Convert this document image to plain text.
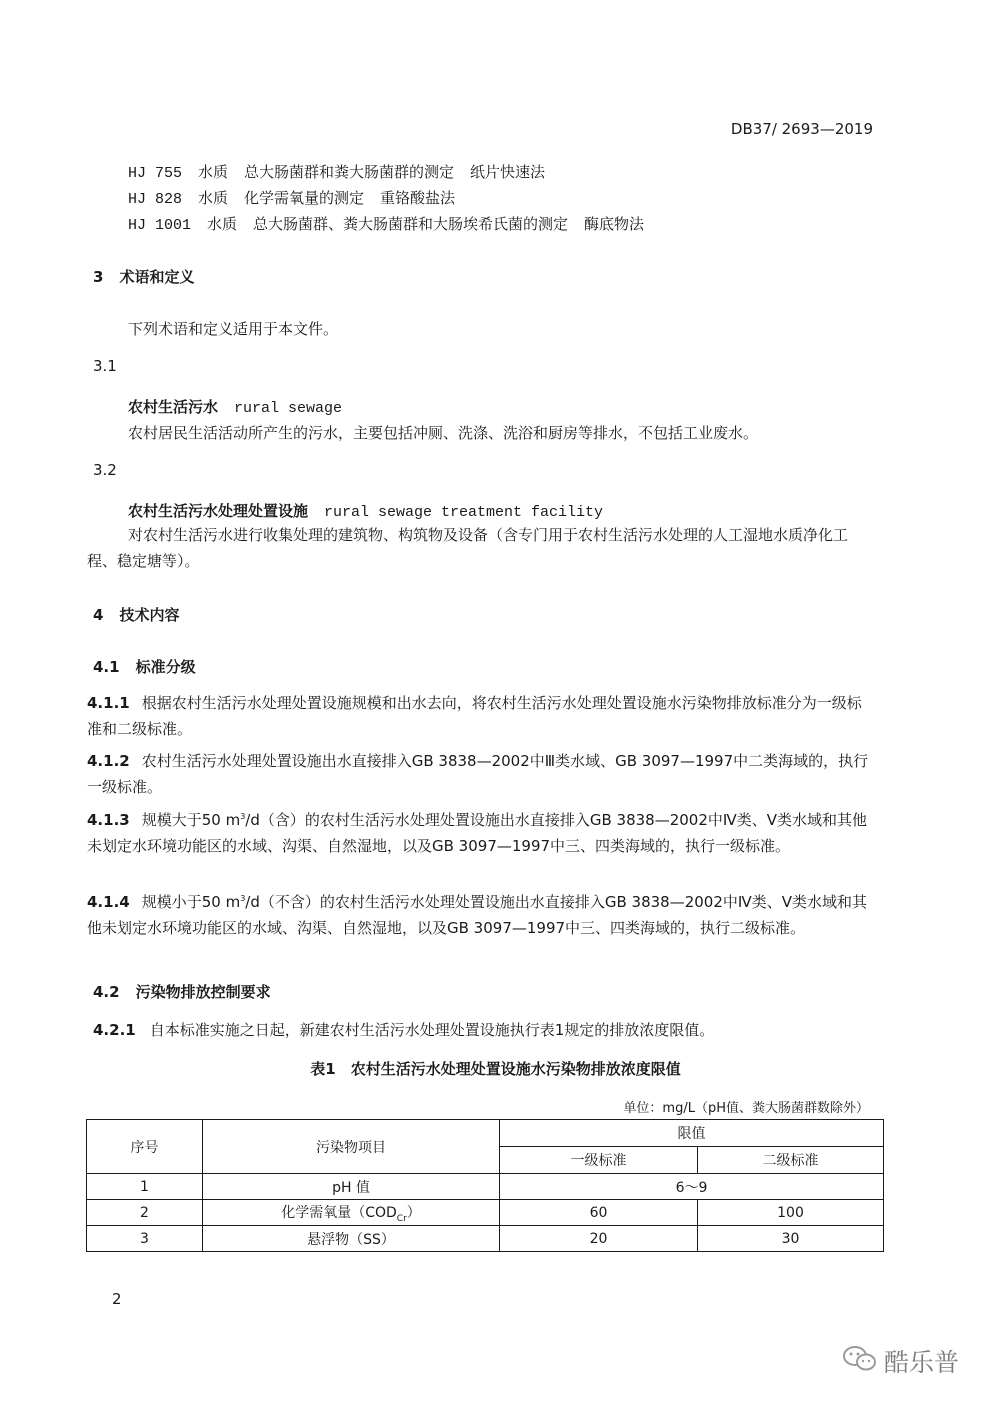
DB37/ 2693—2019
HJ 755 水质 总大肠菌群和粪大肠菌群的测定 纸片快速法
HJ 828 水质 化学需氧量的测定 重铬酸盐法
HJ 1001 水质 总大肠菌群、粪大肠菌群和大肠埃希氏菌的测定 酶底物法
3 术语和定义
下列术语和定义适用于本文件。
3.1
农村生活污水 rural sewage
农村居民生活活动所产生的污水，主要包括冲厕、洗涤、洗浴和厨房等排水，不包括工业废水。
3.2
农村生活污水处理处置设施 rural sewage treatment facility
对农村生活污水进行收集处理的建筑物、构筑物及设备（含专门用于农村生活污水处理的人工湿地水质净化工程、稳定塘等）。
4 技术内容
4.1 标准分级
4.1.1 根据农村生活污水处理处置设施规模和出水去向，将农村生活污水处理处置设施水污染物排放标准分为一级标准和二级标准。
4.1.2 农村生活污水处理处置设施出水直接排入GB 3838—2002中Ⅲ类水域、GB 3097—1997中二类海域的，执行一级标准。
4.1.3 规模大于50 $m^3/d$（含）的农村生活污水处理处置设施出水直接排入GB 3838—2002中Ⅳ类、Ⅴ类水域和其他未划定水环境功能区的水域、沟渠、自然湿地，以及GB 3097—1997中三、四类海域的，执行一级标准。
4.1.4 规模小于50 $m^3/d$（不含）的农村生活污水处理处置设施出水直接排入GB 3838—2002中Ⅳ类、Ⅴ类水域和其他未划定水环境功能区的水域、沟渠、自然湿地，以及GB 3097—1997中三、四类海域的，执行二级标准。
4.2 污染物排放控制要求
4.2.1 自本标准实施之日起，新建农村生活污水处理处置设施执行表1规定的排放浓度限值。
表1　农村生活污水处理处置设施水污染物排放浓度限值
单位：mg/L（pH值、粪大肠菌群数除外）
序号	污染物项目	限值	
		一级标准	二级标准
1	pH 值	6～9	
2	化学需氧量$(COD_{Cr})$	60	100
3	悬浮物（SS）	20	30
2
酷乐普
